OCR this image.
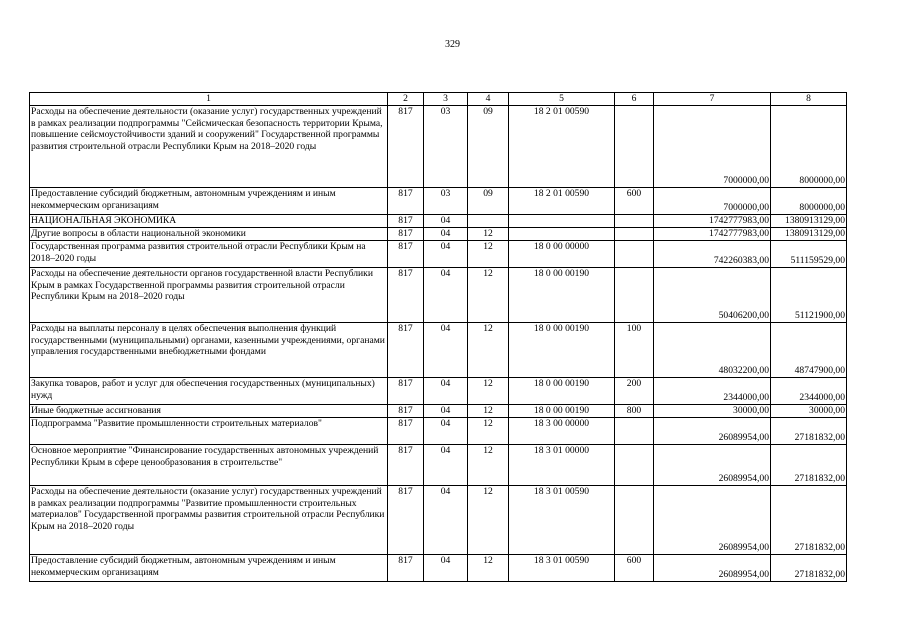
329
1	2	3	4	5	6	7	8
Расходы на обеспечение деятельности (оказание услуг) государственных учреждений в рамках реализации подпрограммы "Сейсмическая безопасность территории Крыма, повышение сейсмоустойчивости зданий и сооружений" Государственной программы развития строительной отрасли Республики Крым на 2018–2020 годы	817	03	09	18 2 01 00590		7000000,00	8000000,00
Предоставление субсидий бюджетным, автономным учреждениям и иным некоммерческим организациям	817	03	09	18 2 01 00590	600	7000000,00	8000000,00
НАЦИОНАЛЬНАЯ ЭКОНОМИКА	817	04				1742777983,00	1380913129,00
Другие вопросы в области национальной экономики	817	04	12			1742777983,00	1380913129,00
Государственная программа развития строительной отрасли Республики Крым на 2018–2020 годы	817	04	12	18 0 00 00000		742260383,00	511159529,00
Расходы на обеспечение деятельности органов государственной власти Республики Крым в рамках Государственной программы развития строительной отрасли Республики Крым на 2018–2020 годы	817	04	12	18 0 00 00190		50406200,00	51121900,00
Расходы на выплаты персоналу в целях обеспечения выполнения функций государственными (муниципальными) органами, казенными учреждениями, органами управления государственными внебюджетными фондами	817	04	12	18 0 00 00190	100	48032200,00	48747900,00
Закупка товаров, работ и услуг для обеспечения государственных (муниципальных) нужд	817	04	12	18 0 00 00190	200	2344000,00	2344000,00
Иные бюджетные ассигнования	817	04	12	18 0 00 00190	800	30000,00	30000,00
Подпрограмма "Развитие промышленности строительных материалов"	817	04	12	18 3 00 00000		26089954,00	27181832,00
Основное мероприятие "Финансирование государственных автономных учреждений Республики Крым в сфере ценообразования в строительстве"	817	04	12	18 3 01 00000		26089954,00	27181832,00
Расходы на обеспечение деятельности (оказание услуг) государственных учреждений в рамках реализации подпрограммы "Развитие промышленности строительных материалов" Государственной программы развития строительной отрасли Республики Крым на 2018–2020 годы	817	04	12	18 3 01 00590		26089954,00	27181832,00
Предоставление субсидий бюджетным, автономным учреждениям и иным некоммерческим организациям	817	04	12	18 3 01 00590	600	26089954,00	27181832,00
